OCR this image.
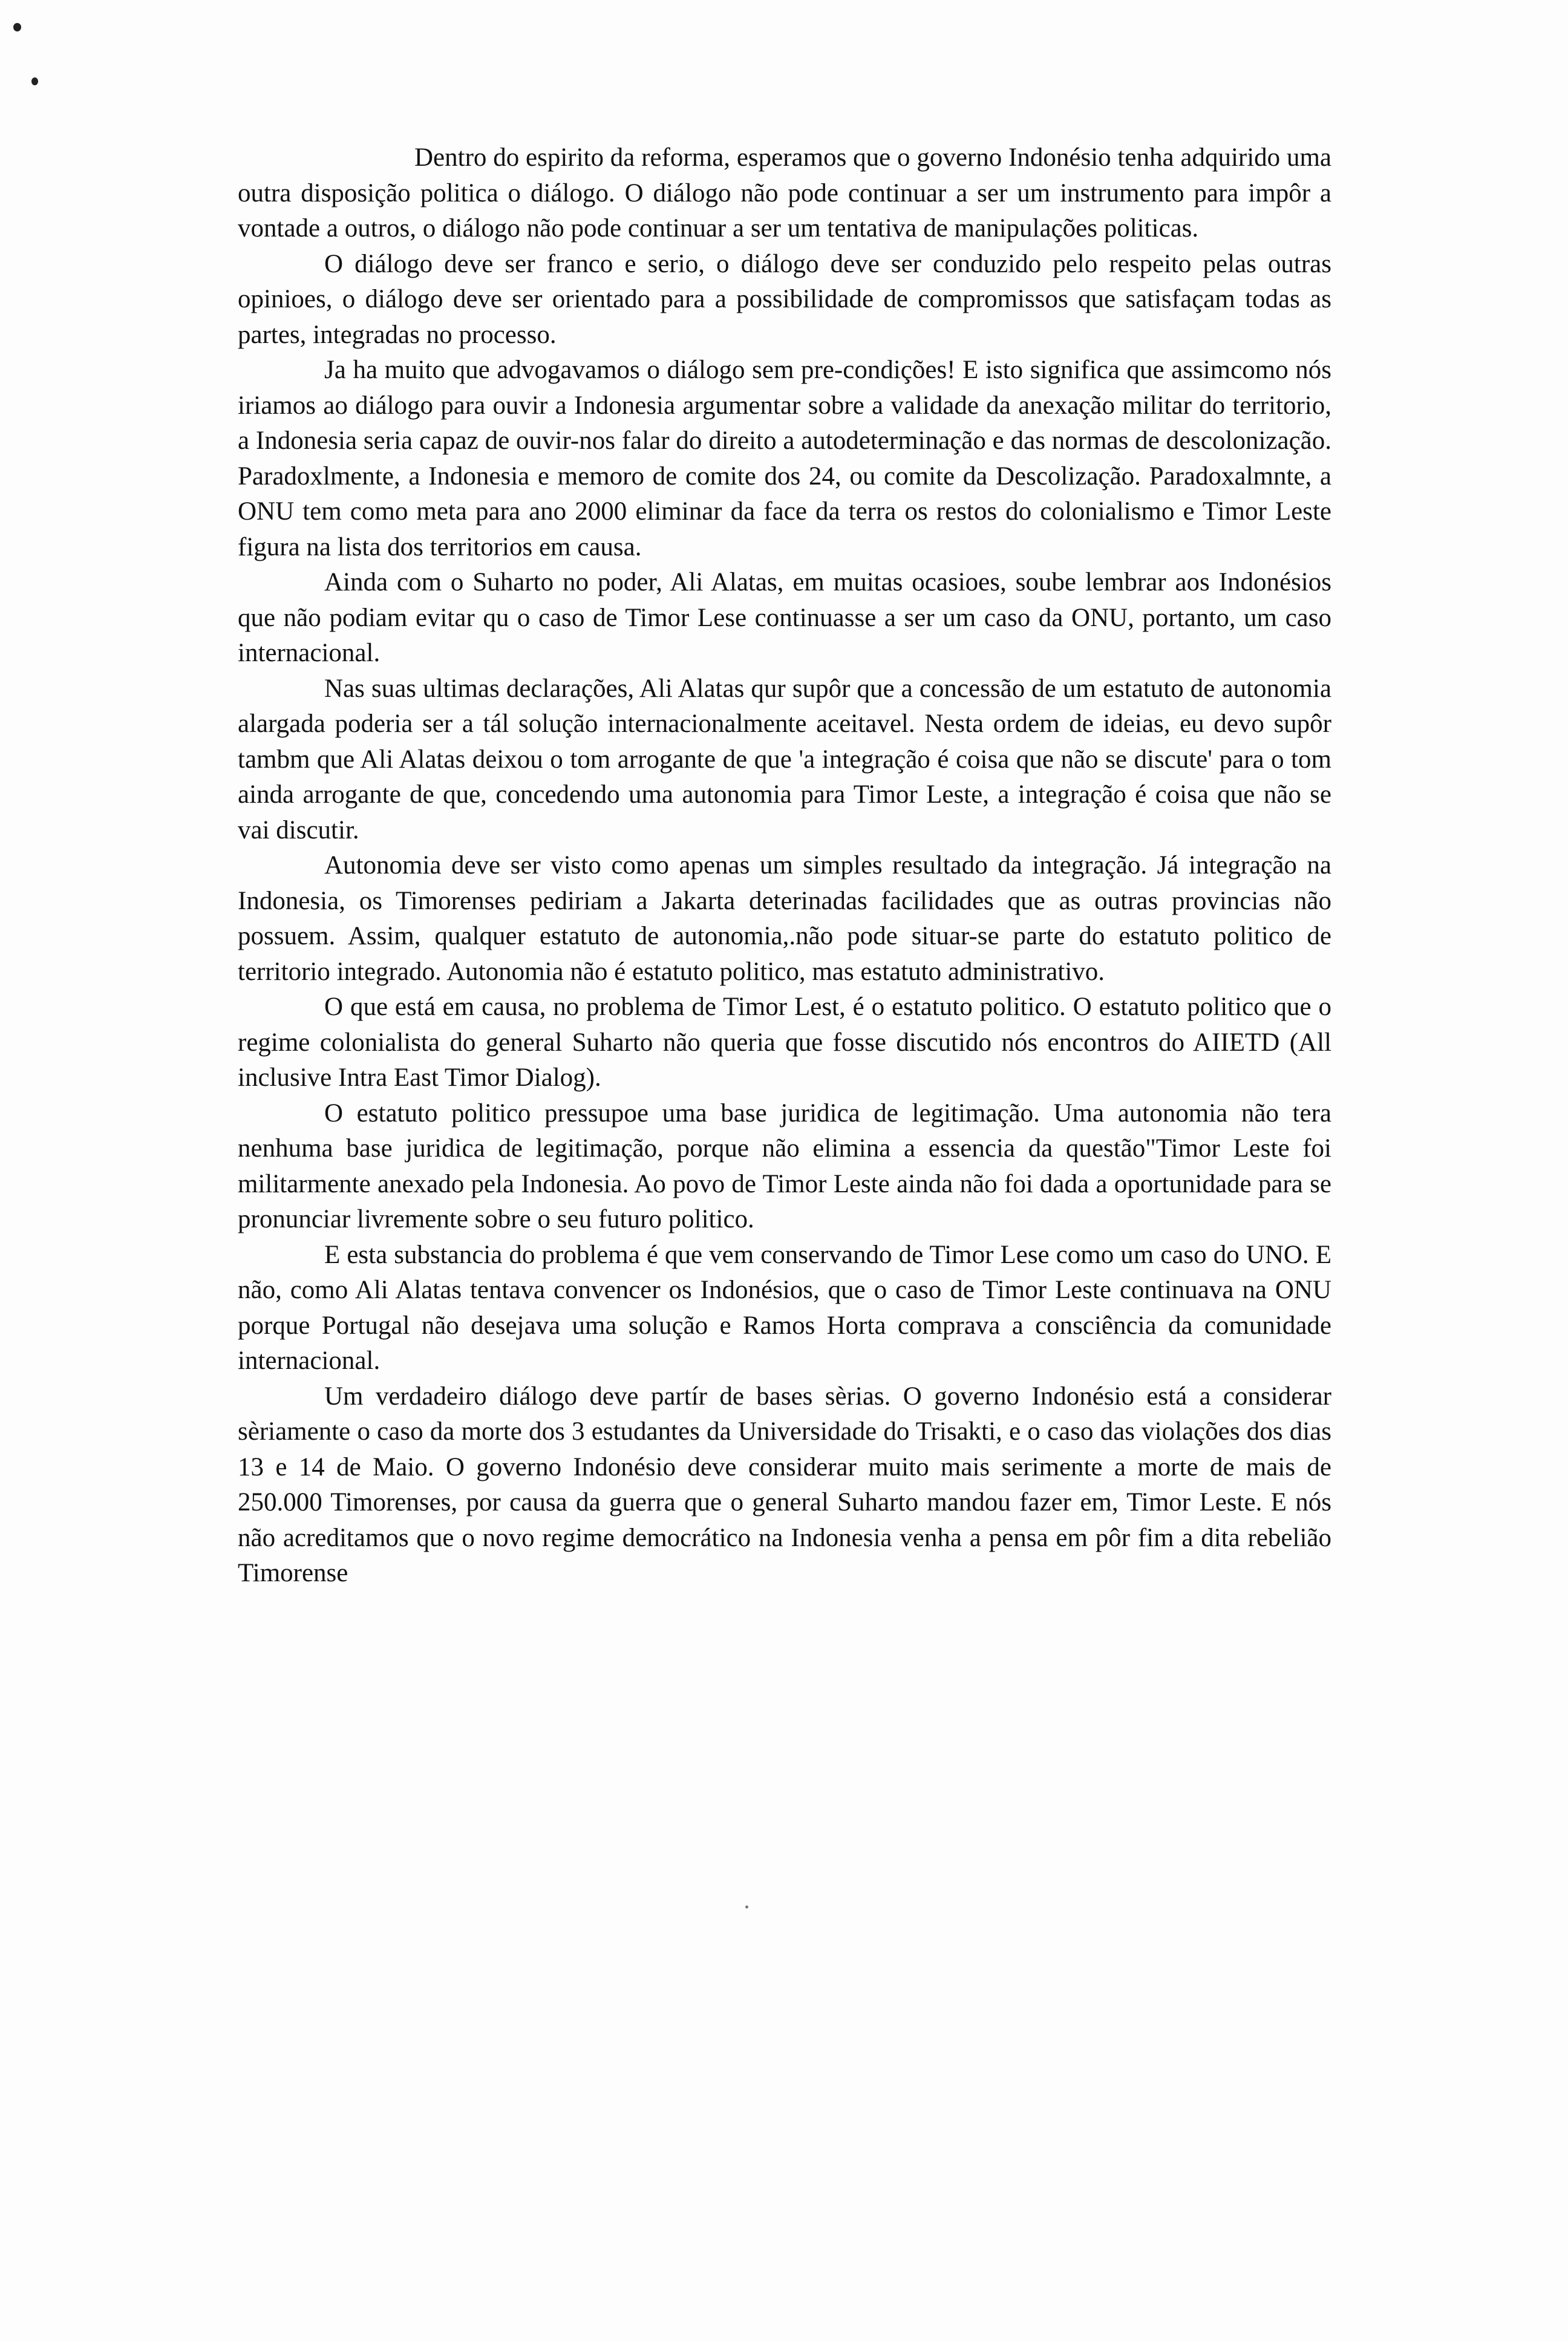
Dentro do espirito da reforma, esperamos que o governo Indonésio tenha adquirido uma outra disposição politica o diálogo. O diálogo não pode continuar a ser um instrumento para impôr a vontade a outros, o diálogo não pode continuar a ser um tentativa de manipulações politicas.

O diálogo deve ser franco e serio, o diálogo deve ser conduzido pelo respeito pelas outras opinioes, o diálogo deve ser orientado para a possibilidade de compromissos que satisfaçam todas as partes, integradas no processo.

Ja ha muito que advogavamos o diálogo sem pre-condições! E isto significa que assimcomo nós iriamos ao diálogo para ouvir a Indonesia argumentar sobre a validade da anexação militar do territorio, a Indonesia seria capaz de ouvir-nos falar do direito a autodeterminação e das normas de descolonização. Paradoxlmente, a Indonesia e memoro de comite dos 24, ou comite da Descolização. Paradoxalmnte, a ONU tem como meta para ano 2000 eliminar da face da terra os restos do colonialismo e Timor Leste figura na lista dos territorios em causa.

Ainda com o Suharto no poder, Ali Alatas, em muitas ocasioes, soube lembrar aos Indonésios que não podiam evitar qu o caso de Timor Lese continuasse a ser um caso da ONU, portanto, um caso internacional.

Nas suas ultimas declarações, Ali Alatas qur supôr que a concessão de um estatuto de autonomia alargada poderia ser a tál solução internacionalmente aceitavel. Nesta ordem de ideias, eu devo supôr tambm que Ali Alatas deixou o tom arrogante de que 'a integração é coisa que não se discute' para o tom ainda arrogante de que, concedendo uma autonomia para Timor Leste, a integração é coisa que não se vai discutir.

Autonomia deve ser visto como apenas um simples resultado da integração. Já integração na Indonesia, os Timorenses pediriam a Jakarta deterinadas facilidades que as outras provincias não possuem. Assim, qualquer estatuto de autonomia,.não pode situar-se parte do estatuto politico de territorio integrado. Autonomia não é estatuto politico, mas estatuto administrativo.

O que está em causa, no problema de Timor Lest, é o estatuto politico. O estatuto politico que o regime colonialista do general Suharto não queria que fosse discutido nós encontros do AIIETD (All inclusive Intra East Timor Dialog).

O estatuto politico pressupoe uma base juridica de legitimação. Uma autonomia não tera nenhuma base juridica de legitimação, porque não elimina a essencia da questão"Timor Leste foi militarmente anexado pela Indonesia. Ao povo de Timor Leste ainda não foi dada a oportunidade para se pronunciar livremente sobre o seu futuro politico.

E esta substancia do problema é que vem conservando de Timor Lese como um caso do UNO. E não, como Ali Alatas tentava convencer os Indonésios, que o caso de Timor Leste continuava na ONU porque Portugal não desejava uma solução e Ramos Horta comprava a consciência da comunidade internacional.

Um verdadeiro diálogo deve partír de bases sèrias. O governo Indonésio está a considerar sèriamente o caso da morte dos 3 estudantes da Universidade do Trisakti, e o caso das violações dos dias 13 e 14 de Maio. O governo Indonésio deve considerar muito mais serimente a morte de mais de 250.000 Timorenses, por causa da guerra que o general Suharto mandou fazer em, Timor Leste. E nós não acreditamos que o novo regime democrático na Indonesia venha a pensa em pôr fim a dita rebelião Timorense
